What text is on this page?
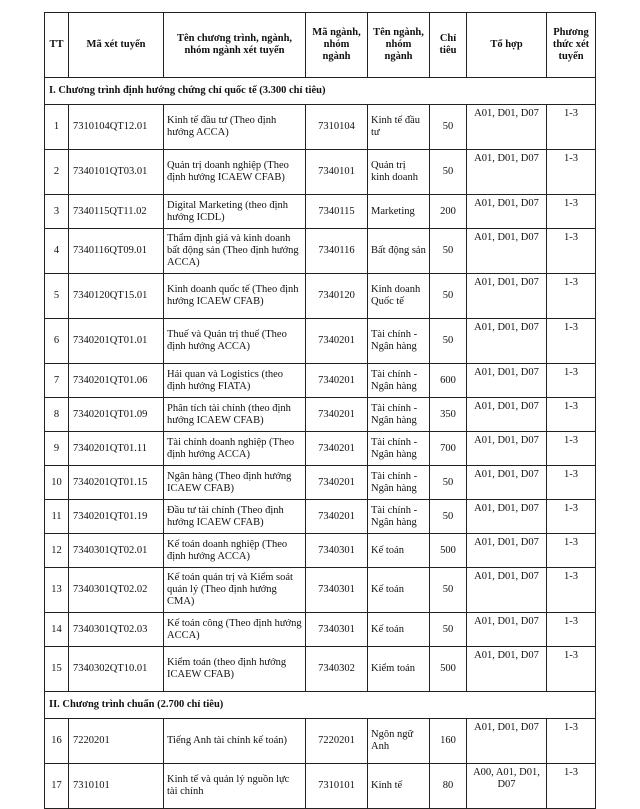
TT	Mã xét tuyển	Tên chương trình, ngành, nhóm ngành xét tuyển	Mã ngành, nhóm ngành	Tên ngành, nhóm ngành	Chỉ tiêu	Tổ hợp	Phương thức xét tuyển
I. Chương trình định hướng chứng chỉ quốc tế (3.300 chỉ tiêu)							
1	7310104QT12.01	Kinh tế đầu tư (Theo định hướng ACCA)	7310104	Kinh tế đầu tư	50	A01, D01, D07	1-3
2	7340101QT03.01	Quản trị doanh nghiệp (Theo định hướng ICAEW CFAB)	7340101	Quản trị kinh doanh	50	A01, D01, D07	1-3
3	7340115QT11.02	Digital Marketing (theo định hướng ICDL)	7340115	Marketing	200	A01, D01, D07	1-3
4	7340116QT09.01	Thẩm định giá và kinh doanh bất động sản (Theo định hướng ACCA)	7340116	Bất động sản	50	A01, D01, D07	1-3
5	7340120QT15.01	Kinh doanh quốc tế (Theo định hướng ICAEW CFAB)	7340120	Kinh doanh Quốc tế	50	A01, D01, D07	1-3
6	7340201QT01.01	Thuế và Quản trị thuế (Theo định hướng ACCA)	7340201	Tài chính - Ngân hàng	50	A01, D01, D07	1-3
7	7340201QT01.06	Hải quan và Logistics (theo định hướng FIATA)	7340201	Tài chính - Ngân hàng	600	A01, D01, D07	1-3
8	7340201QT01.09	Phân tích tài chính (theo định hướng ICAEW CFAB)	7340201	Tài chính - Ngân hàng	350	A01, D01, D07	1-3
9	7340201QT01.11	Tài chính doanh nghiệp (Theo định hướng ACCA)	7340201	Tài chính - Ngân hàng	700	A01, D01, D07	1-3
10	7340201QT01.15	Ngân hàng (Theo định hướng ICAEW CFAB)	7340201	Tài chính - Ngân hàng	50	A01, D01, D07	1-3
11	7340201QT01.19	Đầu tư tài chính (Theo định hướng ICAEW CFAB)	7340201	Tài chính - Ngân hàng	50	A01, D01, D07	1-3
12	7340301QT02.01	Kế toán doanh nghiệp (Theo định hướng ACCA)	7340301	Kế toán	500	A01, D01, D07	1-3
13	7340301QT02.02	Kế toán quản trị và Kiểm soát quản lý (Theo định hướng CMA)	7340301	Kế toán	50	A01, D01, D07	1-3
14	7340301QT02.03	Kế toán công (Theo định hướng ACCA)	7340301	Kế toán	50	A01, D01, D07	1-3
15	7340302QT10.01	Kiểm toán (theo định hướng ICAEW CFAB)	7340302	Kiểm toán	500	A01, D01, D07	1-3
II. Chương trình chuẩn (2.700 chỉ tiêu)							
16	7220201	Tiếng Anh tài chính kế toán)	7220201	Ngôn ngữ Anh	160	A01, D01, D07	1-3
17	7310101	Kinh tế và quản lý nguồn lực tài chính	7310101	Kinh tế	80	A00, A01, D01, D07	1-3
